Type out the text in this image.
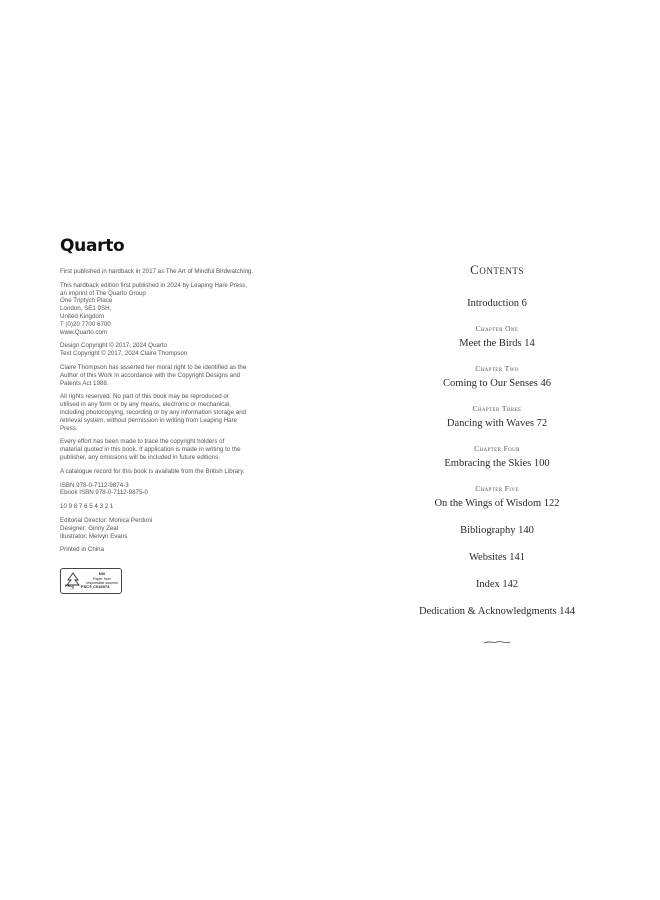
Quarto
First published in hardback in 2017 as The Art of Mindful Birdwatching.
This hardback edition first published in 2024 by Leaping Hare Press,
an imprint of The Quarto Group
One Triptych Place
London, SE1 9SH,
United Kingdom
T (0)20 7700 6700
www.Quarto.com
Design Copyright © 2017, 2024 Quarto
Text Copyright © 2017, 2024 Claire Thompson
Claire Thompson has asserted her moral right to be identified as the
Author of this Work in accordance with the Copyright Designs and
Patents Act 1988.
All rights reserved. No part of this book may be reproduced or
utilised in any form or by any means, electronic or mechanical,
including photocopying, recording or by any information storage and
retrieval system, without permission in writing from Leaping Hare
Press.
Every effort has been made to trace the copyright holders of
material quoted in this book. If application is made in writing to the
publisher, any omissions will be included in future editions.
A catalogue record for this book is available from the British Library.
ISBN 978-0-7112-9874-3
Ebook ISBN 978-0-7112-9875-0
10 9 8 7 6 5 4 3 2 1
Editorial Director: Monica Perdoni
Designer: Ginny Zeal
Illustrator: Melvyn Evans
Printed in China
FSC
MIX
Paper from
responsible sources
FSC® C016973
Contents
Introduction 6
Chapter One
Meet the Birds 14
Chapter Two
Coming to Our Senses 46
Chapter Three
Dancing with Waves 72
Chapter Four
Embracing the Skies 100
Chapter Five
On the Wings of Wisdom 122
Bibliography 140
Websites 141
Index 142
Dedication & Acknowledgments 144
